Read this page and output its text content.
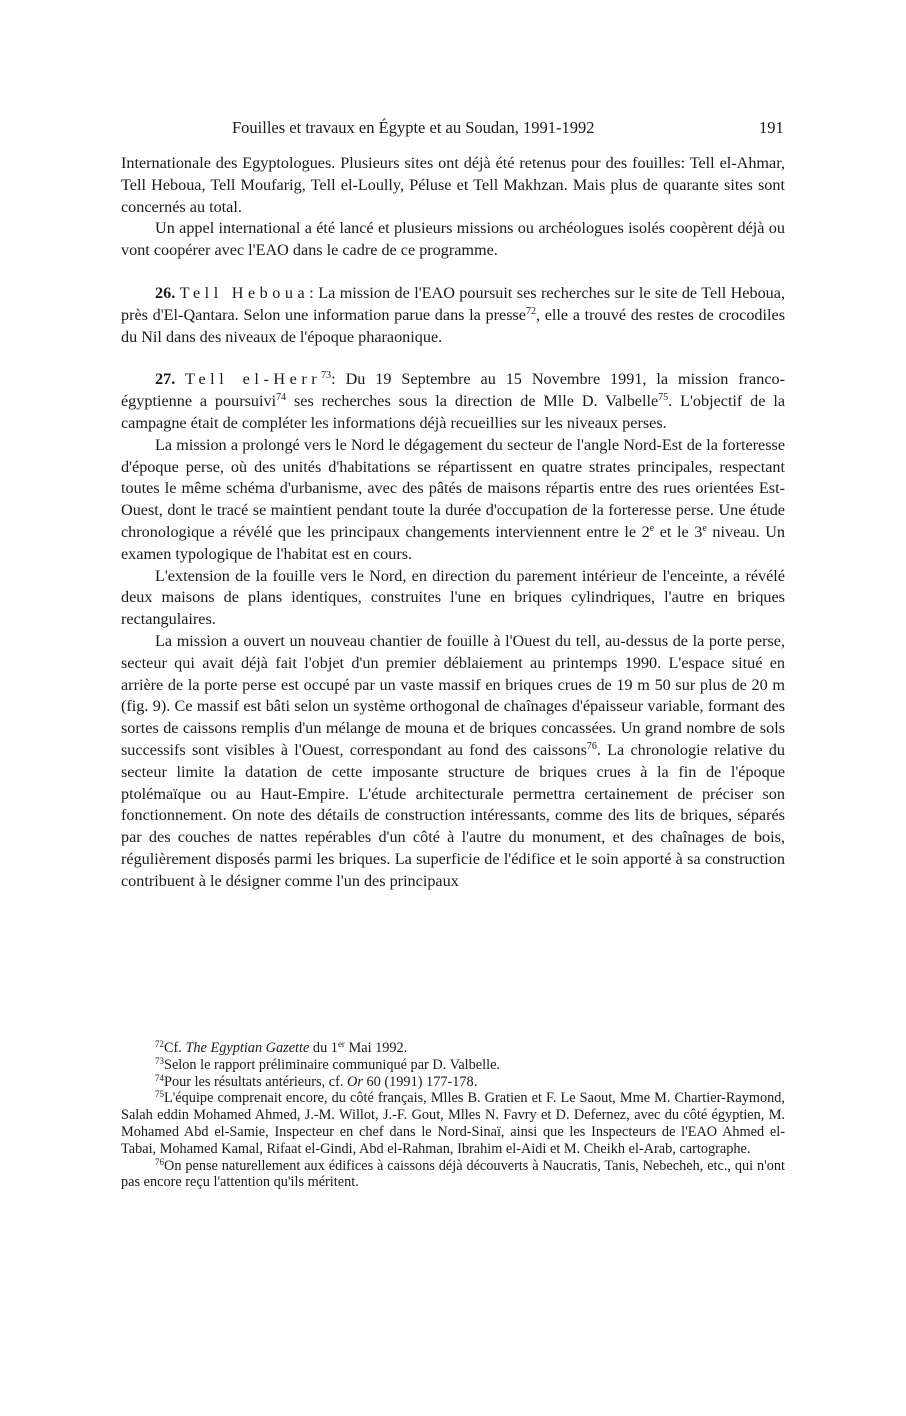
Fouilles et travaux en Égypte et au Soudan, 1991-1992	191

Internationale des Egyptologues. Plusieurs sites ont déjà été retenus pour des fouilles: Tell el-Ahmar, Tell Heboua, Tell Moufarig, Tell el-Loully, Péluse et Tell Makhzan. Mais plus de quarante sites sont concernés au total.

Un appel international a été lancé et plusieurs missions ou archéologues isolés coopèrent déjà ou vont coopérer avec l'EAO dans le cadre de ce programme.

26. Tell Heboua: La mission de l'EAO poursuit ses recherches sur le site de Tell Heboua, près d'El-Qantara. Selon une information parue dans la presse$^{72}$, elle a trouvé des restes de crocodiles du Nil dans des niveaux de l'époque pharaonique.

27. Tell el-Herr$^{73}$: Du 19 Septembre au 15 Novembre 1991, la mission franco-égyptienne a poursuivi$^{74}$ ses recherches sous la direction de Mlle D. Valbelle$^{75}$. L'objectif de la campagne était de compléter les informations déjà recueillies sur les niveaux perses.

La mission a prolongé vers le Nord le dégagement du secteur de l'angle Nord-Est de la forteresse d'époque perse, où des unités d'habitations se répartissent en quatre strates principales, respectant toutes le même schéma d'urbanisme, avec des pâtés de maisons répartis entre des rues orientées Est-Ouest, dont le tracé se maintient pendant toute la durée d'occupation de la forteresse perse. Une étude chronologique a révélé que les principaux changements interviennent entre le 2e et le 3e niveau. Un examen typologique de l'habitat est en cours.

L'extension de la fouille vers le Nord, en direction du parement intérieur de l'enceinte, a révélé deux maisons de plans identiques, construites l'une en briques cylindriques, l'autre en briques rectangulaires.

La mission a ouvert un nouveau chantier de fouille à l'Ouest du tell, au-dessus de la porte perse, secteur qui avait déjà fait l'objet d'un premier déblaiement au printemps 1990. L'espace situé en arrière de la porte perse est occupé par un vaste massif en briques crues de 19 m 50 sur plus de 20 m (fig. 9). Ce massif est bâti selon un système orthogonal de chaînages d'épaisseur variable, formant des sortes de caissons remplis d'un mélange de mouna et de briques concassées. Un grand nombre de sols successifs sont visibles à l'Ouest, correspondant au fond des caissons$^{76}$. La chronologie relative du secteur limite la datation de cette imposante structure de briques crues à la fin de l'époque ptolémaïque ou au Haut-Empire. L'étude architecturale permettra certainement de préciser son fonctionnement. On note des détails de construction intéressants, comme des lits de briques, séparés par des couches de nattes repérables d'un côté à l'autre du monument, et des chaînages de bois, régulièrement disposés parmi les briques. La superficie de l'édifice et le soin apporté à sa construction contribuent à le désigner comme l'un des principaux

$^{72}$Cf. The Egyptian Gazette du 1er Mai 1992.

$^{73}$Selon le rapport préliminaire communiqué par D. Valbelle.

$^{74}$Pour les résultats antérieurs, cf. Or 60 (1991) 177-178.

$^{75}$L'équipe comprenait encore, du côté français, Mlles B. Gratien et F. Le Saout, Mme M. Chartier-Raymond, Salah eddin Mohamed Ahmed, J.-M. Willot, J.-F. Gout, Mlles N. Favry et D. Defernez, avec du côté égyptien, M. Mohamed Abd el-Samie, Inspecteur en chef dans le Nord-Sinaï, ainsi que les Inspecteurs de l'EAO Ahmed el-Tabai, Mohamed Kamal, Rifaat el-Gindi, Abd el-Rahman, Ibrahim el-Aidi et M. Cheikh el-Arab, cartographe.

$^{76}$On pense naturellement aux édifices à caissons déjà découverts à Naucratis, Tanis, Nebecheh, etc., qui n'ont pas encore reçu l'attention qu'ils méritent.
